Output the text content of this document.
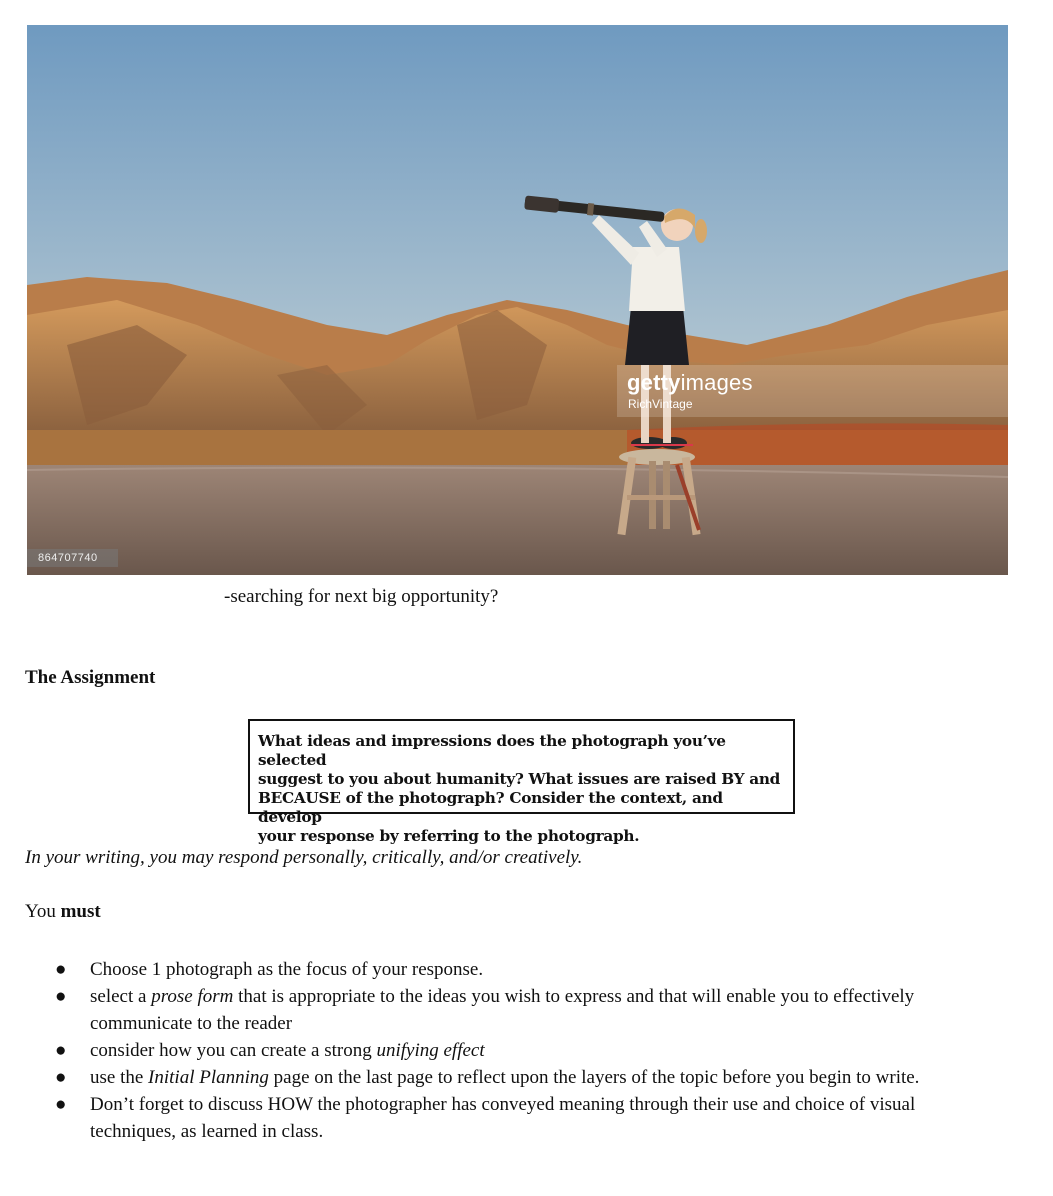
gettyimages
RichVintage
864707740
-searching for next big opportunity?
The Assignment
What ideas and impressions does the photograph you’ve selected
suggest to you about humanity? What issues are raised BY and
BECAUSE of the photograph? Consider the context, and develop
your response by referring to the photograph.
In your writing, you may respond personally, critically, and/or creatively.
You must
● Choose 1 photograph as the focus of your response.
● select a prose form that is appropriate to the ideas you wish to express and that will enable you to effectively communicate to the reader
● consider how you can create a strong unifying effect
● use the Initial Planning page on the last page to reflect upon the layers of the topic before you begin to write.
● Don’t forget to discuss HOW the photographer has conveyed meaning through their use and choice of visual techniques, as learned in class.
